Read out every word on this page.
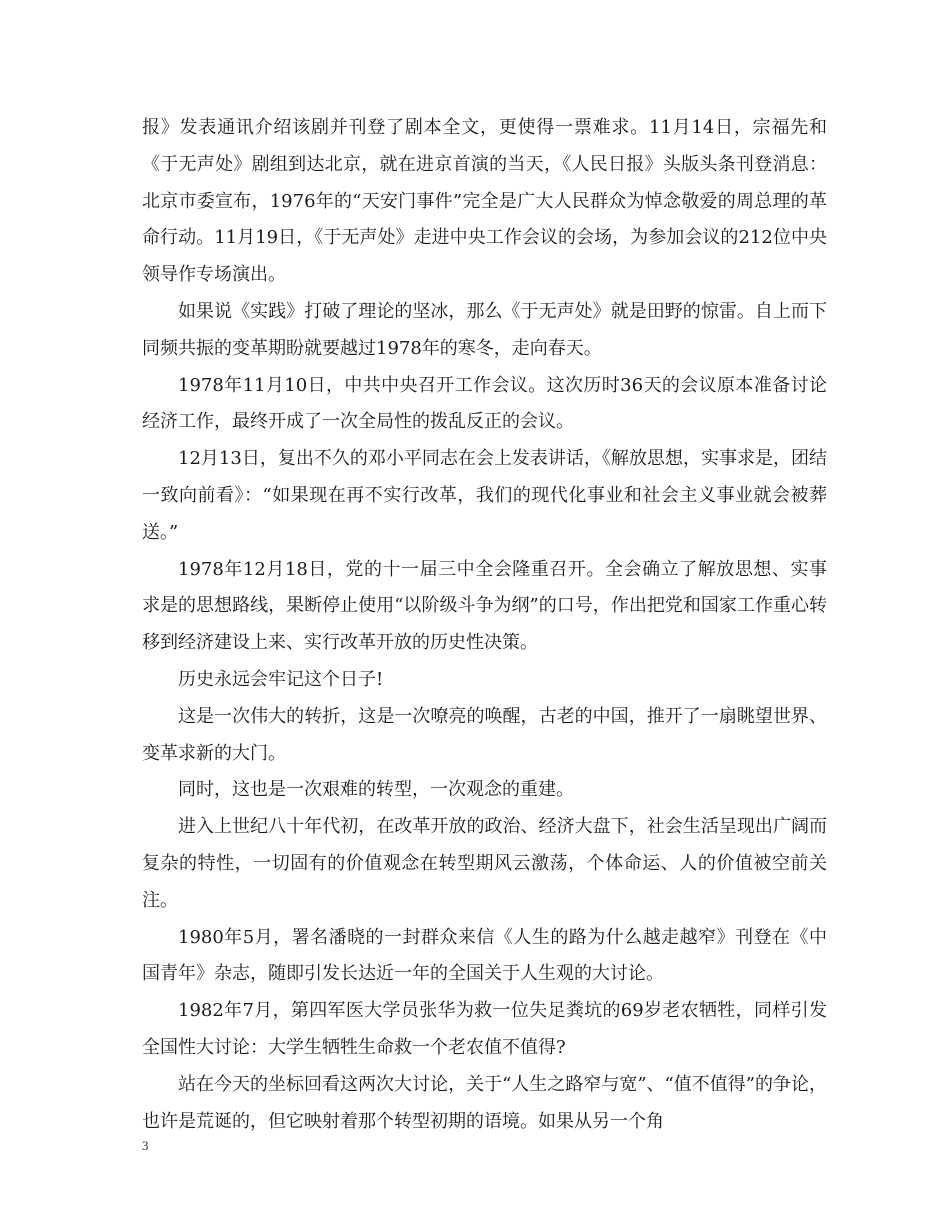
报》发表通讯介绍该剧并刊登了剧本全文，更使得一票难求。11月14日，宗福先和《于无声处》剧组到达北京，就在进京首演的当天，《人民日报》头版头条刊登消息：北京市委宣布，1976年的“天安门事件”完全是广大人民群众为悼念敬爱的周总理的革命行动。11月19日，《于无声处》走进中央工作会议的会场，为参加会议的212位中央领导作专场演出。

如果说《实践》打破了理论的坚冰，那么《于无声处》就是田野的惊雷。自上而下同频共振的变革期盼就要越过1978年的寒冬，走向春天。

1978年11月10日，中共中央召开工作会议。这次历时36天的会议原本准备讨论经济工作，最终开成了一次全局性的拨乱反正的会议。

12月13日，复出不久的邓小平同志在会上发表讲话，《解放思想，实事求是，团结一致向前看》：“如果现在再不实行改革，我们的现代化事业和社会主义事业就会被葬送。”

1978年12月18日，党的十一届三中全会隆重召开。全会确立了解放思想、实事求是的思想路线，果断停止使用“以阶级斗争为纲”的口号，作出把党和国家工作重心转移到经济建设上来、实行改革开放的历史性决策。

历史永远会牢记这个日子!

这是一次伟大的转折，这是一次嘹亮的唤醒，古老的中国，推开了一扇眺望世界、变革求新的大门。

同时，这也是一次艰难的转型，一次观念的重建。

进入上世纪八十年代初，在改革开放的政治、经济大盘下，社会生活呈现出广阔而复杂的特性，一切固有的价值观念在转型期风云激荡，个体命运、人的价值被空前关注。

1980年5月，署名潘晓的一封群众来信《人生的路为什么越走越窄》刊登在《中国青年》杂志，随即引发长达近一年的全国关于人生观的大讨论。

1982年7月，第四军医大学员张华为救一位失足粪坑的69岁老农牺牲，同样引发全国性大讨论：大学生牺牲生命救一个老农值不值得?

站在今天的坐标回看这两次大讨论，关于“人生之路窄与宽”、“值不值得”的争论，也许是荒诞的，但它映射着那个转型初期的语境。如果从另一个角

3
